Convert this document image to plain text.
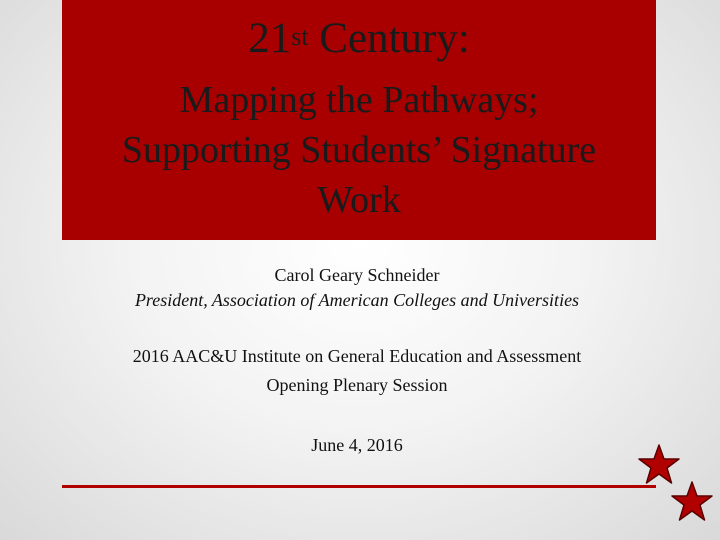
21st Century:
Mapping the Pathways;
Supporting Students’ Signature
Work
Carol Geary Schneider
President, Association of American Colleges and Universities
2016 AAC&U Institute on General Education and Assessment
Opening Plenary Session
June 4, 2016
